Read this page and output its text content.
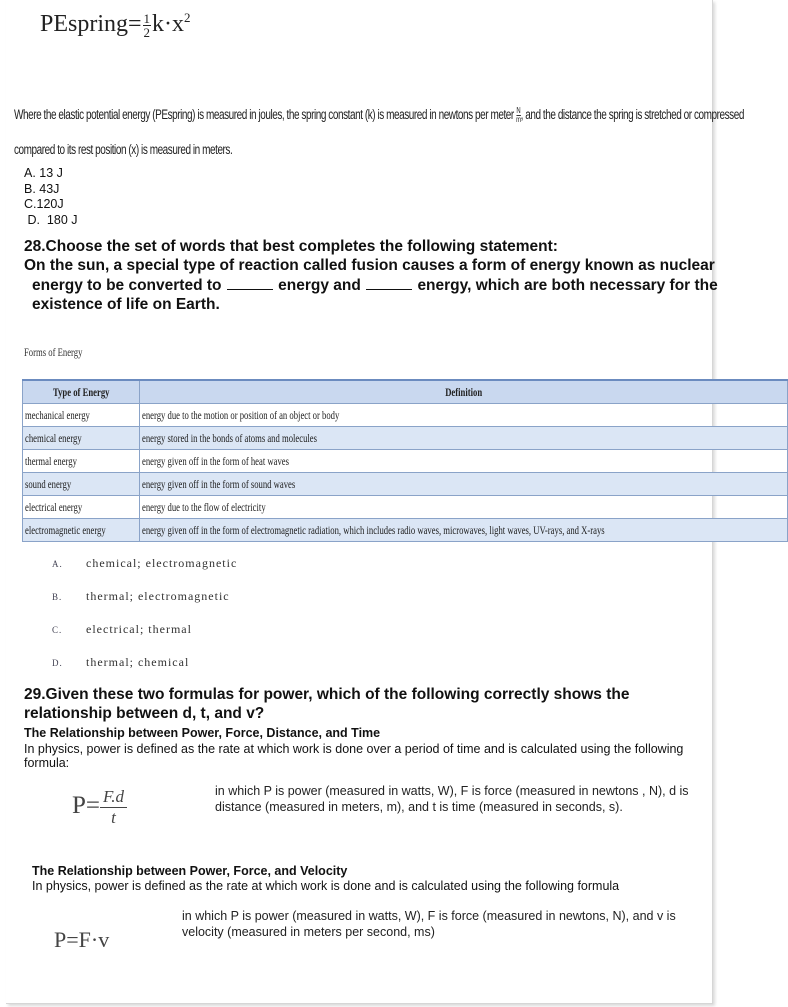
PEspring= $\frac{1}{2} k\cdot x^2$
Where the elastic potential energy (PEspring) is measured in joules, the spring constant (k) is measured in newtons per meter $\frac{N}{m}$, and the distance the spring is stretched or compressed
compared to its rest position (x) is measured in meters.
A. 13 J
B. 43J
C.120J
D.  180 J
28.Choose the set of words that best completes the following statement:
On the sun, a special type of reaction called fusion causes a form of energy known as nuclear
energy to be converted to	energy and	energy, which are both necessary for the
existence of life on Earth.
Forms of Energy
Type of Energy	Definition
mechanical energy	energy due to the motion or position of an object or body
chemical energy	energy stored in the bonds of atoms and molecules
thermal energy	energy given off in the form of heat waves
sound energy	energy given off in the form of sound waves
electrical energy	energy due to the flow of electricity
electromagnetic energy	energy given off in the form of electromagnetic radiation, which includes radio waves, microwaves, light waves, UV-rays, and X-rays
A. chemical; electromagnetic
B. thermal; electromagnetic
C. electrical; thermal
D. thermal; chemical
29.Given these two formulas for power, which of the following correctly shows the
relationship between d, t, and v?
The Relationship between Power, Force, Distance, and Time
In physics, power is defined as the rate at which work is done over a period of time and is calculated using the following formula:
$P= \frac{F.d}{t}$	in which P is power (measured in watts, W), F is force (measured in newtons , N), d is distance (measured in meters, m), and t is time (measured in seconds, s).
The Relationship between Power, Force, and Velocity
In physics, power is defined as the rate at which work is done and is calculated using the following formula
P=F·v
in which P is power (measured in watts, W), F is force (measured in newtons, N), and v is velocity (measured in meters per second, ms)
